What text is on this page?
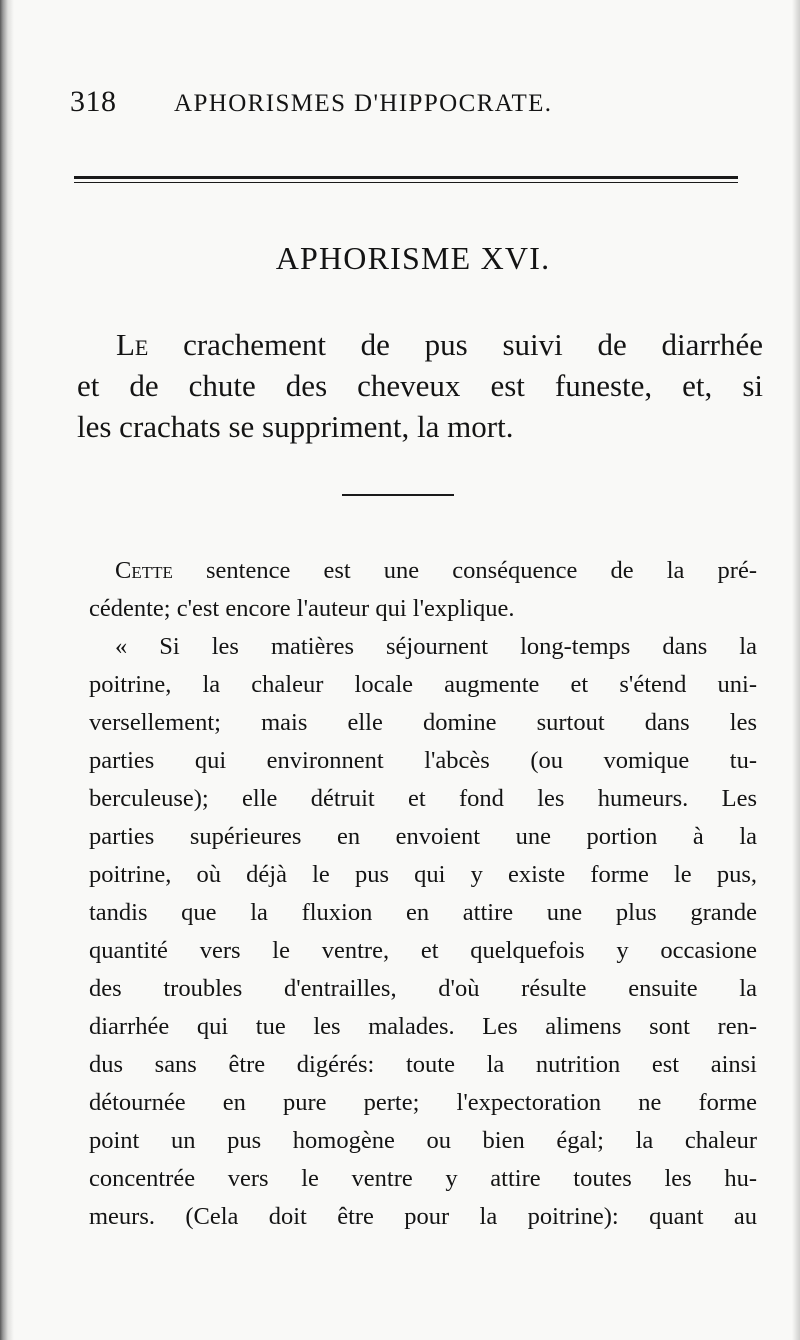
318 APHORISMES D'HIPPOCRATE.
APHORISME XVI.
Le crachement de pus suivi de diarrhée
et de chute des cheveux est funeste, et, si
les crachats se suppriment, la mort.
Cette sentence est une conséquence de la pré-
cédente; c'est encore l'auteur qui l'explique.
« Si les matières séjournent long-temps dans la
poitrine, la chaleur locale augmente et s'étend uni-
versellement; mais elle domine surtout dans les
parties qui environnent l'abcès (ou vomique tu-
berculeuse); elle détruit et fond les humeurs. Les
parties supérieures en envoient une portion à la
poitrine, où déjà le pus qui y existe forme le pus,
tandis que la fluxion en attire une plus grande
quantité vers le ventre, et quelquefois y occasione
des troubles d'entrailles, d'où résulte ensuite la
diarrhée qui tue les malades. Les alimens sont ren-
dus sans être digérés: toute la nutrition est ainsi
détournée en pure perte; l'expectoration ne forme
point un pus homogène ou bien égal; la chaleur
concentrée vers le ventre y attire toutes les hu-
meurs. (Cela doit être pour la poitrine): quant au
